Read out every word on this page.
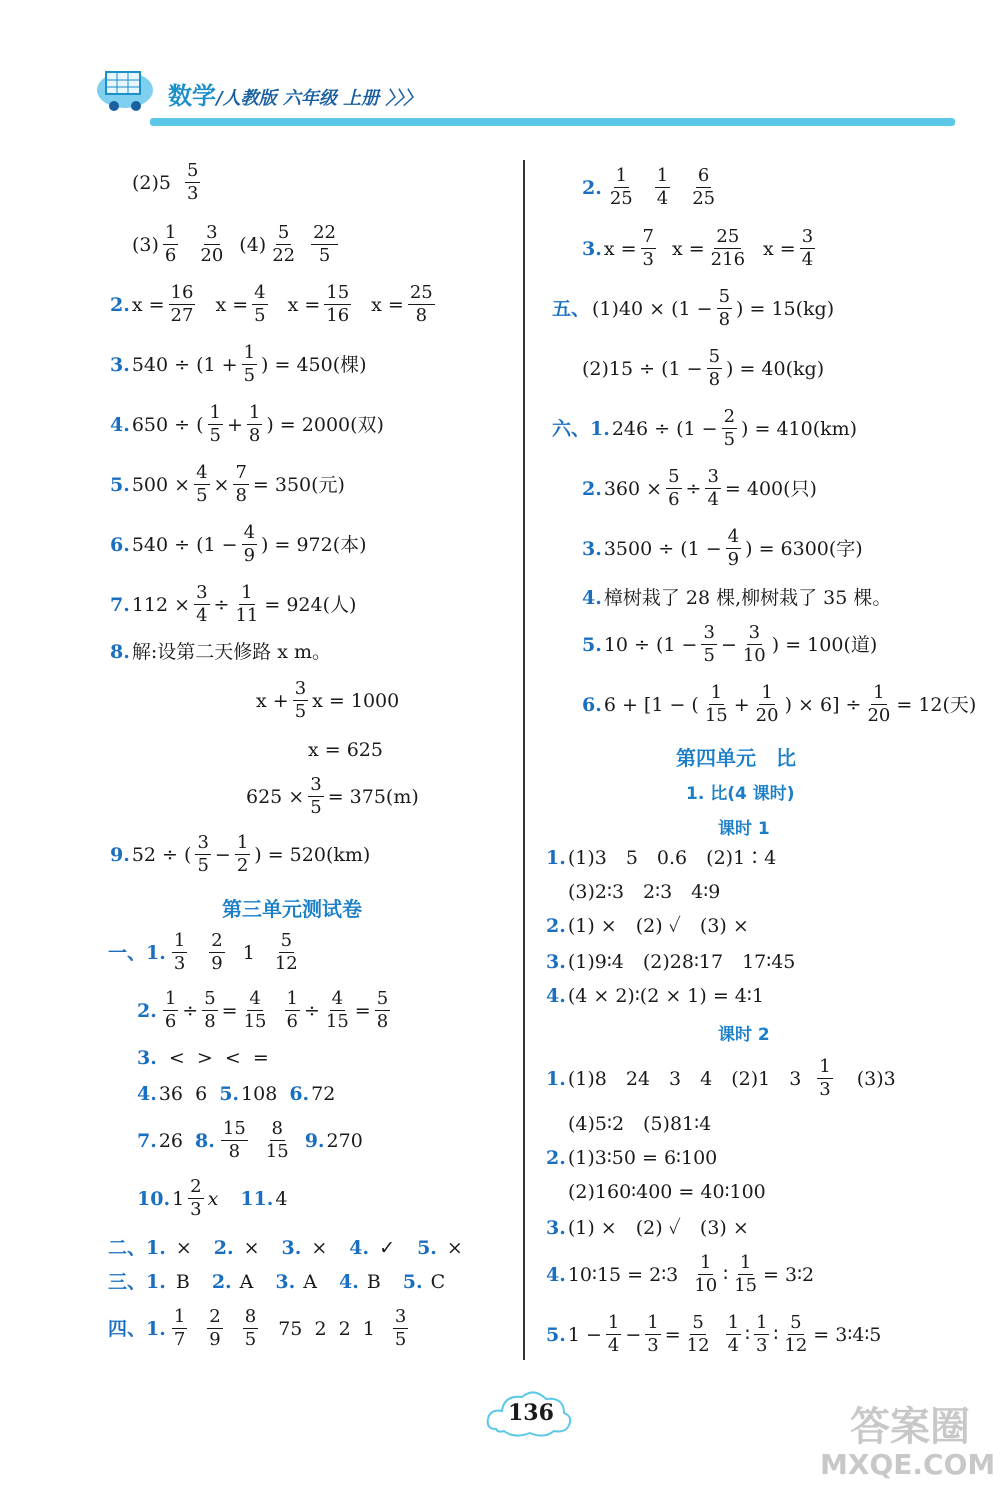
数学/人教版 六年级 上册 〉〉〉
$(2)5 \frac{5}{3}$
$(3) \frac{1}{6} \frac{3}{20} (4) \frac{5}{22} \frac{22}{5}$
2. $x = \frac{16}{27}$ $x = \frac{4}{5}$ $x = \frac{15}{16}$ $x = \frac{25}{8}$
3. $540 \div (1 + \frac{1}{5}$ ) = 450(棵)
4. 650 ÷ ( $\frac{1}{5} + \frac{1}{8}$ ) = 2000(双)
5. $500 \times \frac{4}{5} \times \frac{7}{8} = 350$(元)
6. $540 \div (1 - \frac{4}{9}$ ) = 972(本)
7. $112 \times \frac{3}{4} \div \frac{1}{11} = 924$(人)
8. 解:设第二天修路 x m。
$x + \frac{3}{5}$ x = 1000
x = 625
$625 \times \frac{3}{5} = 375(m)$
9. 52 ÷ ( $\frac{3}{5} - \frac{1}{2}$ ) = 520(km)
第三单元测试卷
一、1. $\frac{1}{3} \frac{2}{9} 1 \frac{5}{12}$
2. $\frac{1}{6} \div \frac{5}{8} = \frac{4}{15} \frac{1}{6} \div \frac{4}{15} = \frac{5}{8}$
3. <  >  <  =
4. 36  6 5. 108 6. 72
7. 26 8. $\frac{15}{8} \frac{8}{15} 9$. 270
10. $1 \frac{2}{3}$ x 11. 4
二、1. × 2. × 3. × 4. ✓ 5. ×
三、1. B 2. A 3. A 4. B 5. C
四、1. $\frac{1}{7} \frac{2}{9} \frac{8}{5} 75$  2  2  $1 \frac{3}{5}$
2. $\frac{1}{25} \frac{1}{4} \frac{6}{25}$
3. $x = \frac{7}{3}$ $x = \frac{25}{216}$ $x = \frac{3}{4}$
五、 $(1)40 \times (1 - \frac{5}{8}$ ) = 15(kg)
$(2)15 \div (1 - \frac{5}{8}$ ) = 40(kg)
六、1. $246 \div (1 - \frac{2}{5}$ ) = 410(km)
2. $360 \times \frac{5}{6} \div \frac{3}{4} = 400$(只)
3. $3500 \div (1 - \frac{4}{9}$ ) = 6300(字)
4. 樟树栽了 28 棵,柳树栽了 35 棵。
5. $10 \div (1 - \frac{3}{5} - \frac{3}{10}$ ) = 100(道)
6. 6 + [1 − ( $\frac{1}{15} + \frac{1}{20}$ ) × $6] \div \frac{1}{20} = 12$(天)
第四单元　比
1. 比(4 课时)
课时 1
1. (1)3　5　0.6　(2)1∶4
(3)2∶3　2∶3　4∶9
2. (1) ×　(2) ✓　(3) ×
3. (1)9∶4　(2)28∶17　17∶45
4. (4 × 2)∶(2 × 1) = 4∶1
课时 2
1. (1)8　24　3　4　(2)1　$3 \frac{1}{3} (3)3$
(4)5∶2　(5)81∶4
2. (1)3∶50 = 6∶100
(2)160∶400 = 40∶100
3. (1) ×　(2) ✓　(3) ×
4. 10∶15 = 2∶3 $\frac{1}{10}$ ∶ $\frac{1}{15}$ = 3∶2
5. $1 - \frac{1}{4} - \frac{1}{3} = \frac{5}{12} \frac{1}{4}$ ∶ $\frac{1}{3}$ ∶ $\frac{5}{12}$ = 3∶4∶5
136	答案圈
MXQE.COM
